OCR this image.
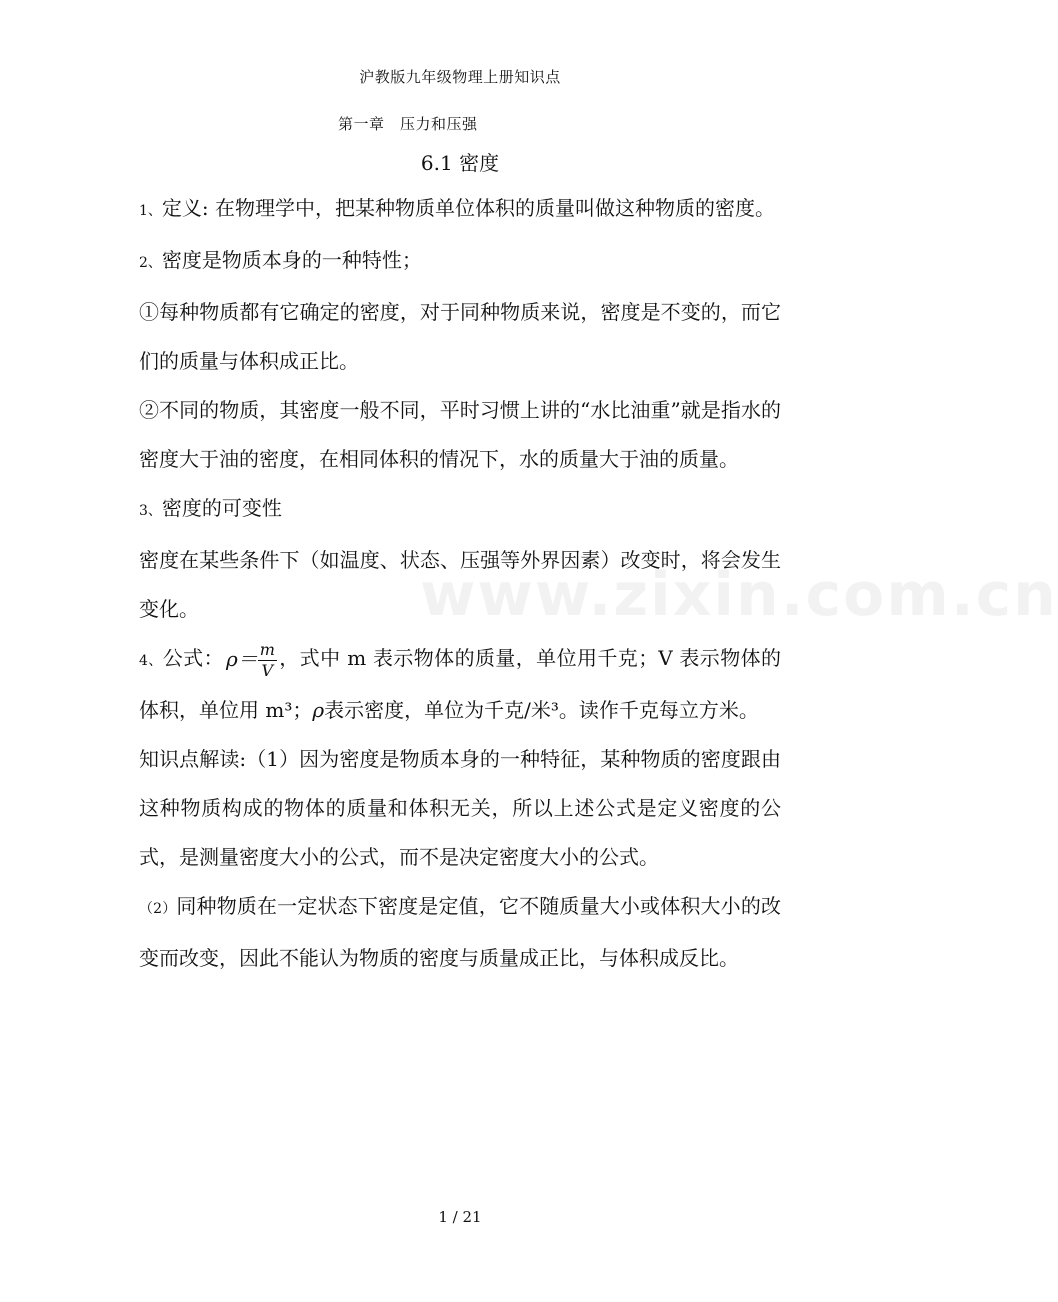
沪教版九年级物理上册知识点
第一章　压力和压强
6.1 密度
www.zixin.com.cn

1、定义: 在物理学中，把某种物质单位体积的质量叫做这种物质的密度。

2、密度是物质本身的一种特性；

①每种物质都有它确定的密度，对于同种物质来说，密度是不变的，而它们的质量与体积成正比。

②不同的物质，其密度一般不同，平时习惯上讲的“水比油重”就是指水的密度大于油的密度，在相同体积的情况下，水的质量大于油的质量。

3、密度的可变性

密度在某些条件下（如温度、状态、压强等外界因素）改变时，将会发生变化。

4、公式： $\rho= \frac{m}{V}$ ，式中 m 表示物体的质量，单位用千克；V 表示物体的体积，单位用 m³；ρ表示密度，单位为千克/米³。读作千克每立方米。

知识点解读:（1）因为密度是物质本身的一种特征，某种物质的密度跟由这种物质构成的物体的质量和体积无关，所以上述公式是定义密度的公式，是测量密度大小的公式，而不是决定密度大小的公式。

（2）同种物质在一定状态下密度是定值，它不随质量大小或体积大小的改变而改变，因此不能认为物质的密度与质量成正比，与体积成反比。

1 / 21
